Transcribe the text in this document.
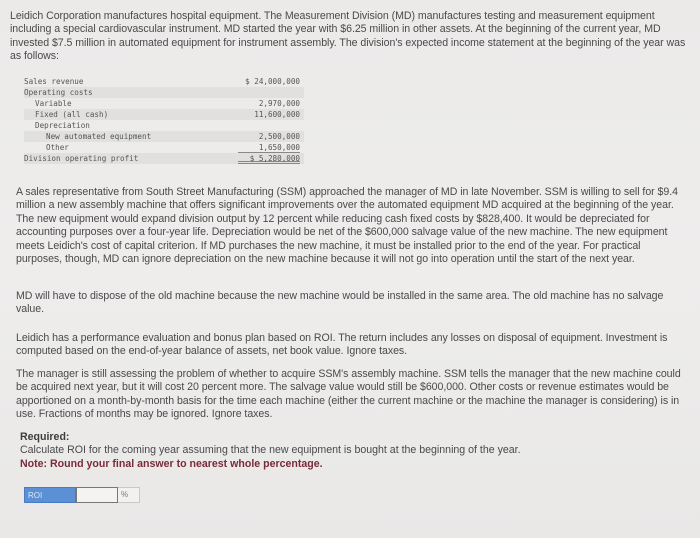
Leidich Corporation manufactures hospital equipment. The Measurement Division (MD) manufactures testing and measurement equipment including a special cardiovascular instrument. MD started the year with $6.25 million in other assets. At the beginning of the current year, MD invested $7.5 million in automated equipment for instrument assembly. The division's expected income statement at the beginning of the year was as follows:

Sales revenue	$ 24,000,000
Operating costs
Variable	2,970,000
Fixed (all cash)	11,600,000
Depreciation
New automated equipment	2,500,000
Other	1,650,000
Division operating profit	$ 5,280,000

A sales representative from South Street Manufacturing (SSM) approached the manager of MD in late November. SSM is willing to sell for $9.4 million a new assembly machine that offers significant improvements over the automated equipment MD acquired at the beginning of the year. The new equipment would expand division output by 12 percent while reducing cash fixed costs by $828,400. It would be depreciated for accounting purposes over a four-year life. Depreciation would be net of the $600,000 salvage value of the new machine. The new equipment meets Leidich's cost of capital criterion. If MD purchases the new machine, it must be installed prior to the end of the year. For practical purposes, though, MD can ignore depreciation on the new machine because it will not go into operation until the start of the next year.

MD will have to dispose of the old machine because the new machine would be installed in the same area. The old machine has no salvage value.

Leidich has a performance evaluation and bonus plan based on ROI. The return includes any losses on disposal of equipment. Investment is computed based on the end-of-year balance of assets, net book value. Ignore taxes.

The manager is still assessing the problem of whether to acquire SSM's assembly machine. SSM tells the manager that the new machine could be acquired next year, but it will cost 20 percent more. The salvage value would still be $600,000. Other costs or revenue estimates would be apportioned on a month-by-month basis for the time each machine (either the current machine or the machine the manager is considering) is in use. Fractions of months may be ignored. Ignore taxes.

Required:
Calculate ROI for the coming year assuming that the new equipment is bought at the beginning of the year.
Note: Round your final answer to nearest whole percentage.
ROI	%
